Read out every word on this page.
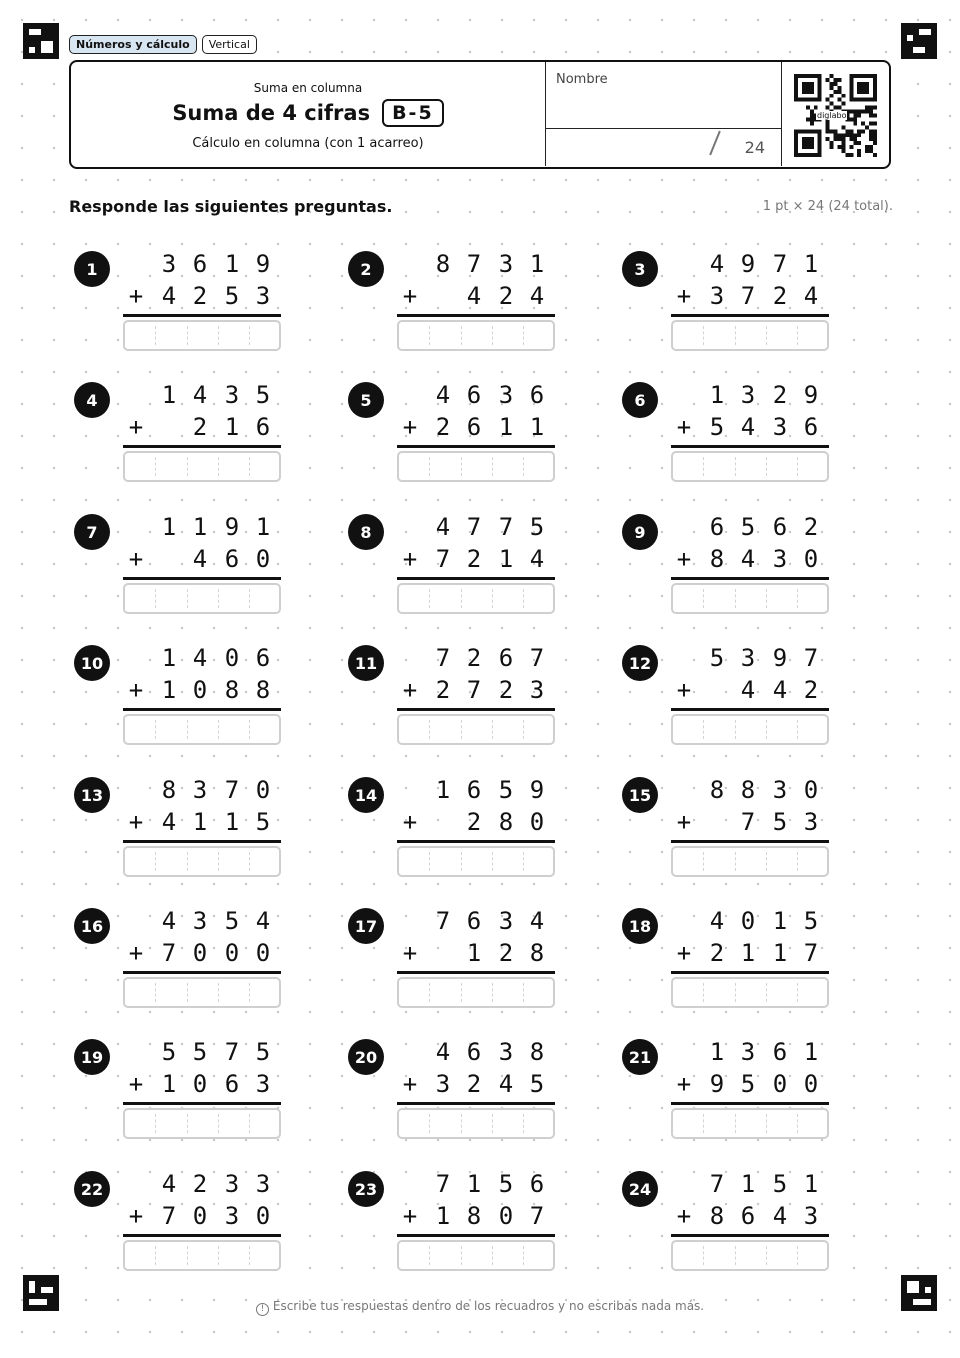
Números y cálculo	Vertical
Suma en columna
Suma de 4 cifras	B-5
Cálculo en columna (con 1 acarreo)
Nombre
24
diglabo
Responde las siguientes preguntas.	1 pt × 24 (24 total).
1	3 6 1 9
+ 4 2 5 3
2	8 7 3 1
+ 4 2 4
3	4 9 7 1
+ 3 7 2 4
4	1 4 3 5
+ 2 1 6
5	4 6 3 6
+ 2 6 1 1
6	1 3 2 9
+ 5 4 3 6
7	1 1 9 1
+ 4 6 0
8	4 7 7 5
+ 7 2 1 4
9	6 5 6 2
+ 8 4 3 0
10 1 4 0 6
+ 1 0 8 8
11 7 2 6 7
+ 2 7 2 3
12 5 3 9 7
+ 4 4 2
13 8 3 7 0
+ 4 1 1 5
14 1 6 5 9
+ 2 8 0
15 8 8 3 0
+ 7 5 3
16 4 3 5 4
+ 7 0 0 0
17 7 6 3 4
+ 1 2 8
18 4 0 1 5
+ 2 1 1 7
19 5 5 7 5
+ 1 0 6 3
20 4 6 3 8
+ 3 2 4 5
21 1 3 6 1
+ 9 5 0 0
22 4 2 3 3
+ 7 0 3 0
23 7 1 5 6
+ 1 8 0 7
24 7 1 5 1
+ 8 6 4 3
! Escribe tus respuestas dentro de los recuadros y no escribas nada más.
